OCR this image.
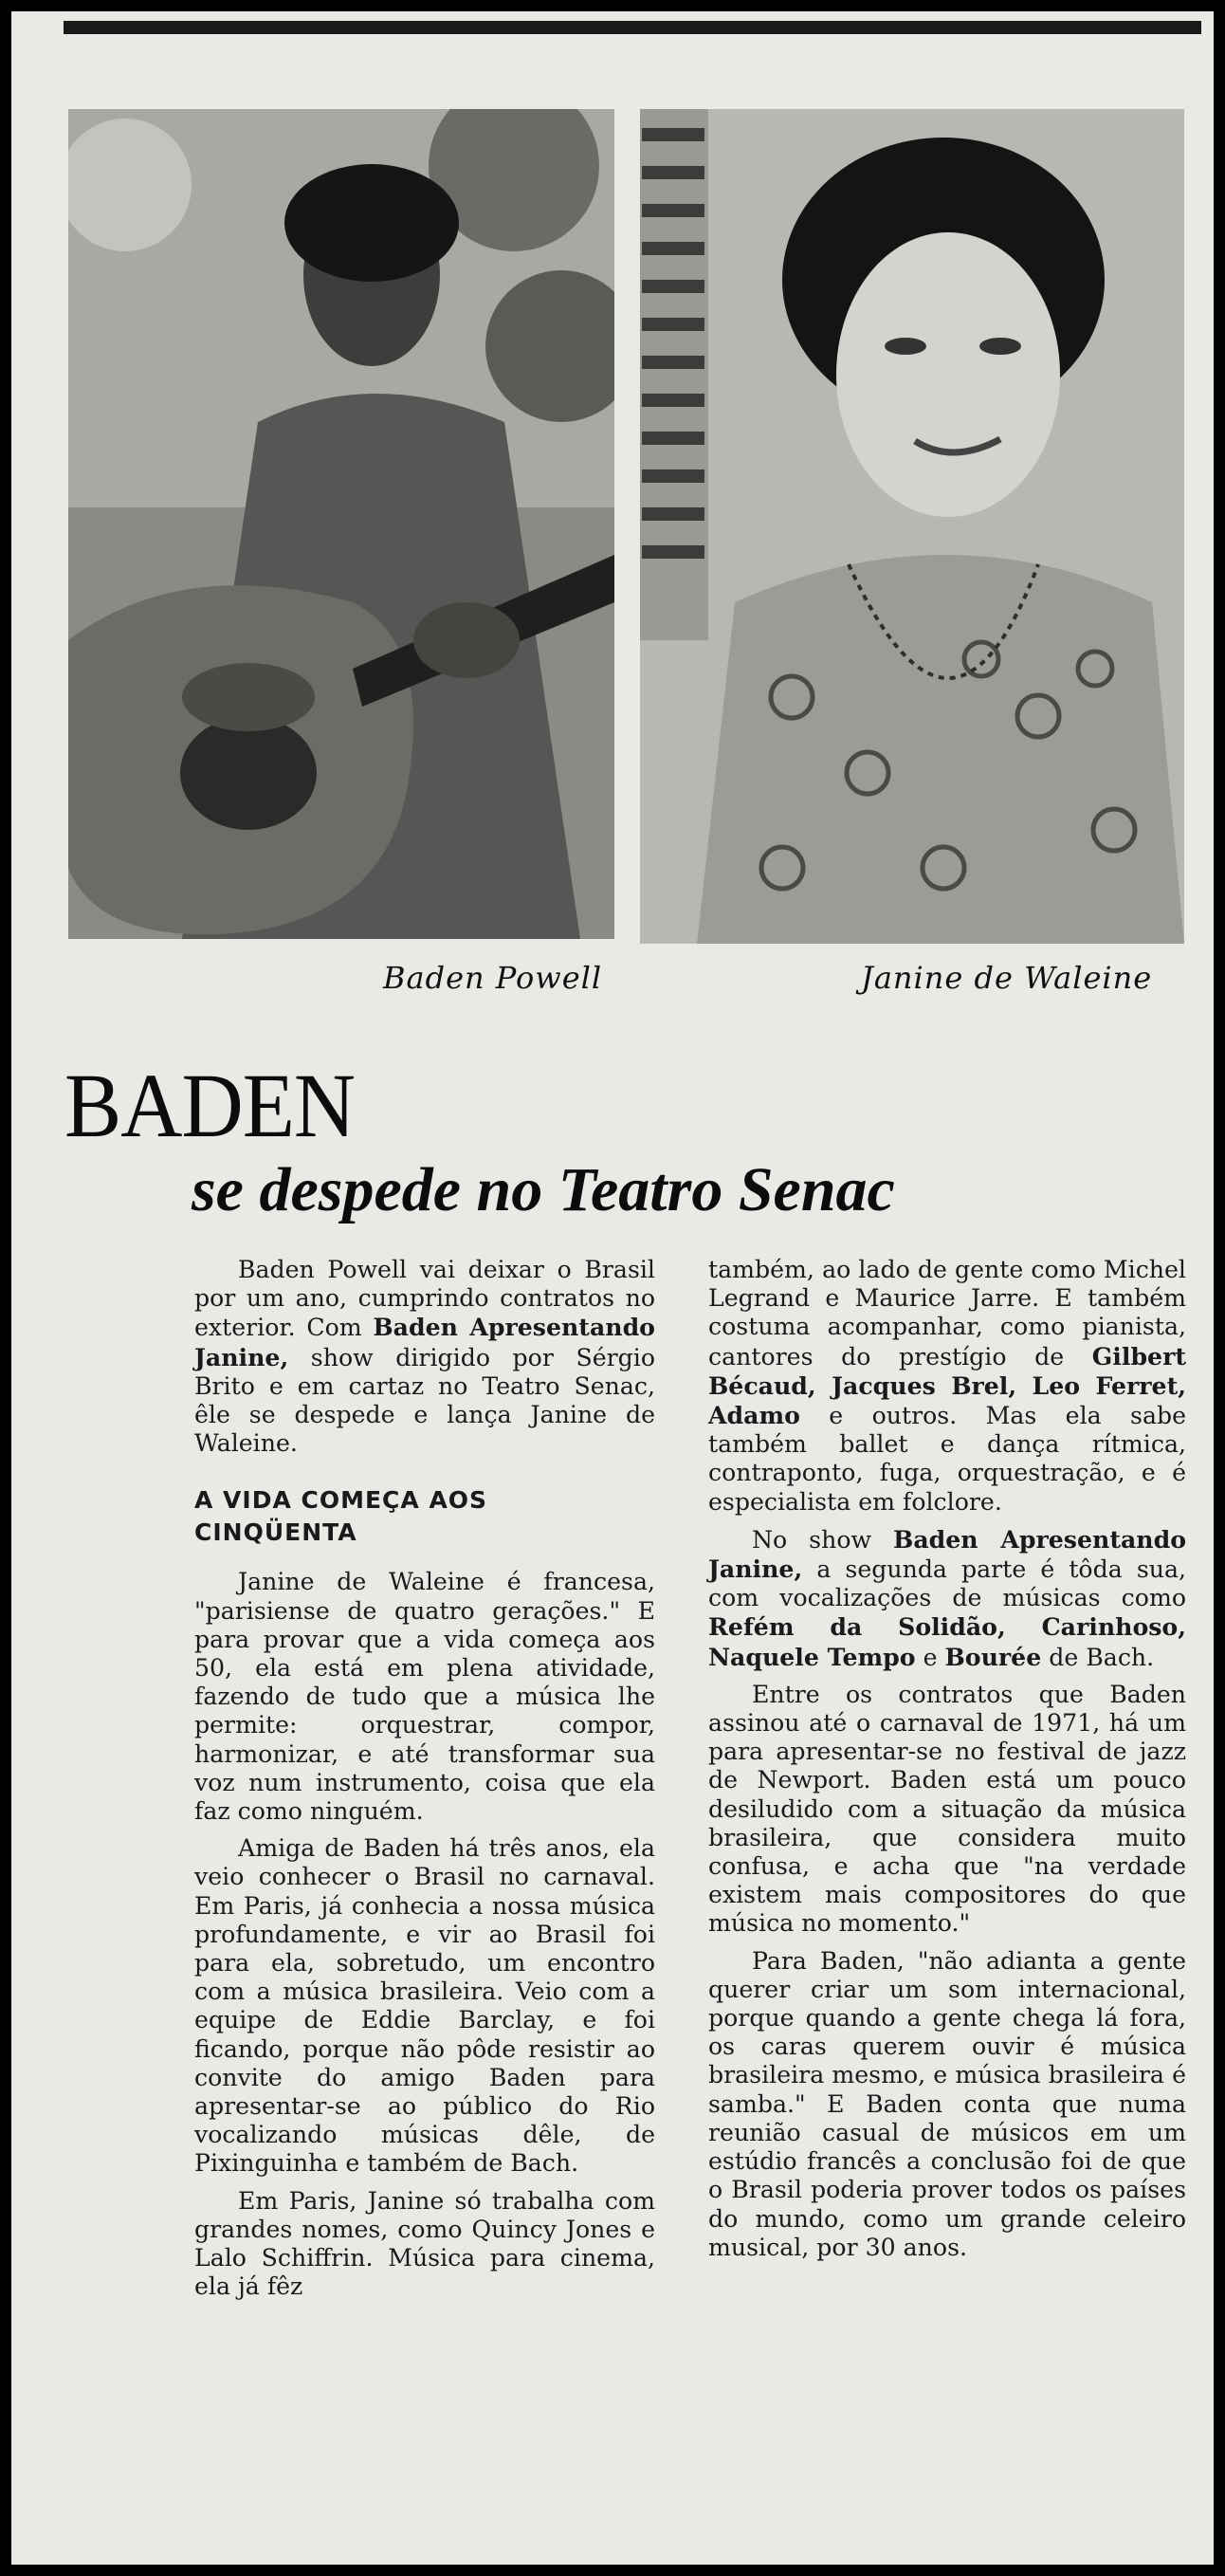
Baden Powell	Janine de Waleine
BADEN
se despede no Teatro Senac

Baden Powell vai deixar o Brasil por um ano, cumprindo contratos no exterior. Com Baden Apresentando Janine, show dirigido por Sérgio Brito e em cartaz no Teatro Senac, êle se despede e lança Janine de Waleine.

A VIDA COMEÇA AOS CINQÜENTA

Janine de Waleine é francesa, "parisiense de quatro gerações." E para provar que a vida começa aos 50, ela está em plena atividade, fazendo de tudo que a música lhe permite: orquestrar, compor, harmonizar, e até transformar sua voz num instrumento, coisa que ela faz como ninguém.

Amiga de Baden há três anos, ela veio conhecer o Brasil no carnaval. Em Paris, já conhecia a nossa música profundamente, e vir ao Brasil foi para ela, sobretudo, um encontro com a música brasileira. Veio com a equipe de Eddie Barclay, e foi ficando, porque não pôde resistir ao convite do amigo Baden para apresentar-se ao público do Rio vocalizando músicas dêle, de Pixinguinha e também de Bach.

Em Paris, Janine só trabalha com grandes nomes, como Quincy Jones e Lalo Schiffrin. Música para cinema, ela já fêz

também, ao lado de gente como Michel Legrand e Maurice Jarre. E também costuma acompanhar, como pianista, cantores do prestígio de Gilbert Bécaud, Jacques Brel, Leo Ferret, Adamo e outros. Mas ela sabe também ballet e dança rítmica, contraponto, fuga, orquestração, e é especialista em folclore.

No show Baden Apresentando Janine, a segunda parte é tôda sua, com vocalizações de músicas como Refém da Solidão, Carinhoso, Naquele Tempo e Bourée de Bach.

Entre os contratos que Baden assinou até o carnaval de 1971, há um para apresentar-se no festival de jazz de Newport. Baden está um pouco desiludido com a situação da música brasileira, que considera muito confusa, e acha que "na verdade existem mais compositores do que música no momento."

Para Baden, "não adianta a gente querer criar um som internacional, porque quando a gente chega lá fora, os caras querem ouvir é música brasileira mesmo, e música brasileira é samba." E Baden conta que numa reunião casual de músicos em um estúdio francês a conclusão foi de que o Brasil poderia prover todos os países do mundo, como um grande celeiro musical, por 30 anos.
